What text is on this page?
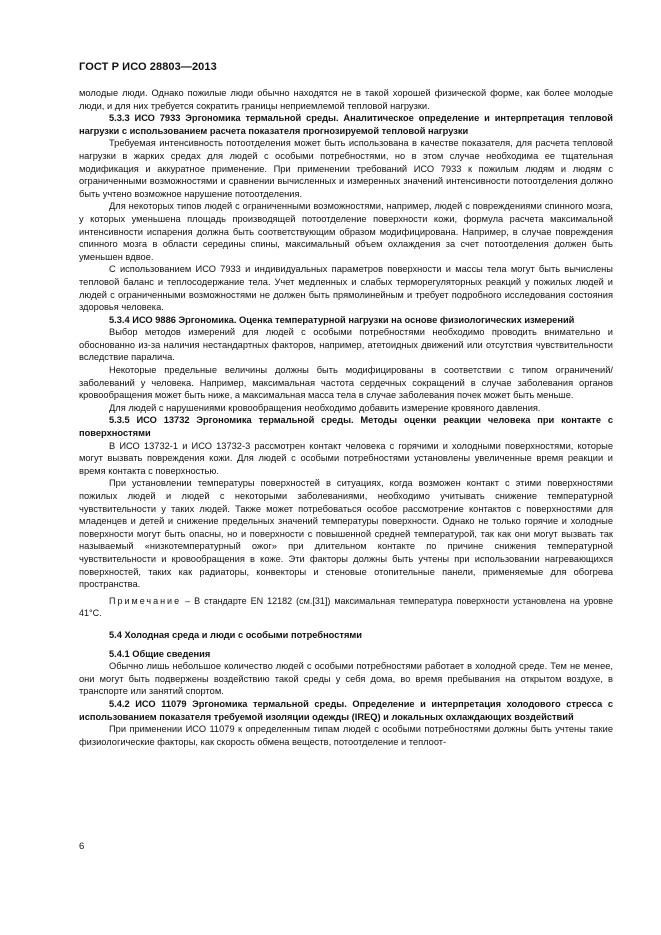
ГОСТ Р ИСО 28803—2013

молодые люди. Однако пожилые люди обычно находятся не в такой хорошей физической форме, как более молодые люди, и для них требуется сократить границы неприемлемой тепловой нагрузки.

5.3.3 ИСО 7933 Эргономика термальной среды. Аналитическое определение и интерпретация тепловой нагрузки с использованием расчета показателя прогнозируемой тепловой нагрузки

Требуемая интенсивность потоотделения может быть использована в качестве показателя, для расчета тепловой нагрузки в жарких средах для людей с особыми потребностями, но в этом случае необходима ее тщательная модификация и аккуратное применение. При применении требований ИСО 7933 к пожилым людям и людям с ограниченными возможностями и сравнении вычисленных и измеренных значений интенсивности потоотделения должно быть учтено возможное нарушение потоотделения.

Для некоторых типов людей с ограниченными возможностями, например, людей с повреждениями спинного мозга, у которых уменьшена площадь производящей потоотделение поверхности кожи, формула расчета максимальной интенсивности испарения должна быть соответствующим образом модифицирована. Например, в случае повреждения спинного мозга в области середины спины, максимальный объем охлаждения за счет потоотделения должен быть уменьшен вдвое.

С использованием ИСО 7933 и индивидуальных параметров поверхности и массы тела могут быть вычислены тепловой баланс и теплосодержание тела. Учет медленных и слабых терморегуляторных реакций у пожилых людей и людей с ограниченными возможностями не должен быть прямолинейным и требует подробного исследования состояния здоровья человека.

5.3.4 ИСО 9886 Эргономика. Оценка температурной нагрузки на основе физиологических измерений

Выбор методов измерений для людей с особыми потребностями необходимо проводить внимательно и обоснованно из-за наличия нестандартных факторов, например, атетоидных движений или отсутствия чувствительности вследствие паралича.

Некоторые предельные величины должны быть модифицированы в соответствии с типом ограничений/заболеваний у человека. Например, максимальная частота сердечных сокращений в случае заболевания органов кровообращения может быть ниже, а максимальная масса тела в случае заболевания почек может быть меньше.

Для людей с нарушениями кровообращения необходимо добавить измерение кровяного давления.

5.3.5 ИСО 13732 Эргономика термальной среды. Методы оценки реакции человека при контакте с поверхностями

В ИСО 13732-1 и ИСО 13732-3 рассмотрен контакт человека с горячими и холодными поверхностями, которые могут вызвать повреждения кожи. Для людей с особыми потребностями установлены увеличенные время реакции и время контакта с поверхностью.

При установлении температуры поверхностей в ситуациях, когда возможен контакт с этими поверхностями пожилых людей и людей с некоторыми заболеваниями, необходимо учитывать снижение температурной чувствительности у таких людей. Также может потребоваться особое рассмотрение контактов с поверхностями для младенцев и детей и снижение предельных значений температуры поверхности. Однако не только горячие и холодные поверхности могут быть опасны, но и поверхности с повышенной средней температурой, так как они могут вызвать так называемый «низкотемпературный ожог» при длительном контакте по причине снижения температурной чувствительности и кровообращения в коже. Эти факторы должны быть учтены при использовании нагревающихся поверхностей, таких как радиаторы, конвекторы и стеновые отопительные панели, применяемые для обогрева пространства.

Примечание – В стандарте EN 12182 (см.[31]) максимальная температура поверхности установлена на уровне 41°С.

5.4 Холодная среда и люди с особыми потребностями

5.4.1 Общие сведения

Обычно лишь небольшое количество людей с особыми потребностями работает в холодной среде. Тем не менее, они могут быть подвержены воздействию такой среды у себя дома, во время пребывания на открытом воздухе, в транспорте или занятий спортом.

5.4.2 ИСО 11079 Эргономика термальной среды. Определение и интерпретация холодового стресса с использованием показателя требуемой изоляции одежды (IREQ) и локальных охлаждающих воздействий

При применении ИСО 11079 к определенным типам людей с особыми потребностями должны быть учтены такие физиологические факторы, как скорость обмена веществ, потоотделение и теплоот-

6
